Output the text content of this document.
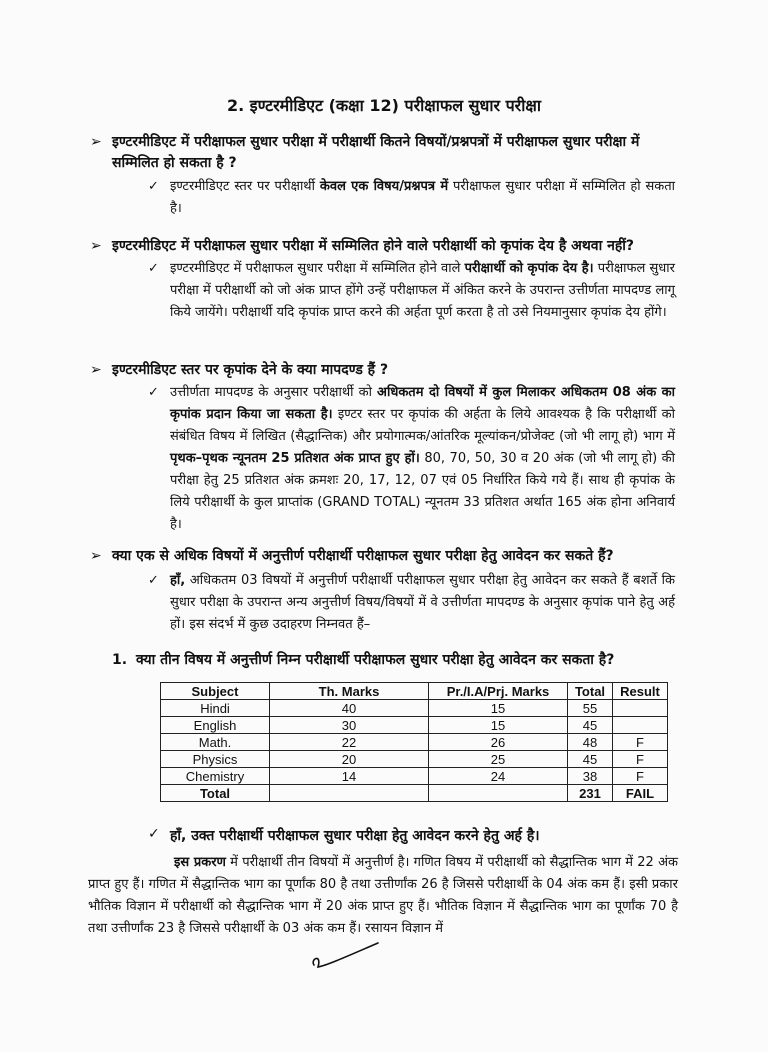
2. इण्टरमीडिएट (कक्षा 12) परीक्षाफल सुधार परीक्षा
➢ इण्टरमीडिएट में परीक्षाफल सुधार परीक्षा में परीक्षार्थी कितने विषयों/प्रश्नपत्रों में परीक्षाफल सुधार परीक्षा में सम्मिलित हो सकता है ?
✓ इण्टरमीडिएट स्तर पर परीक्षार्थी केवल एक विषय/प्रश्नपत्र में परीक्षाफल सुधार परीक्षा में सम्मिलित हो सकता है।
➢ इण्टरमीडिएट में परीक्षाफल सुधार परीक्षा में सम्मिलित होने वाले परीक्षार्थी को कृपांक देय है अथवा नहीं?
✓ इण्टरमीडिएट में परीक्षाफल सुधार परीक्षा में सम्मिलित होने वाले परीक्षार्थी को कृपांक देय है। परीक्षाफल सुधार परीक्षा में परीक्षार्थी को जो अंक प्राप्त होंगे उन्हें परीक्षाफल में अंकित करने के उपरान्त उत्तीर्णता मापदण्ड लागू किये जायेंगे। परीक्षार्थी यदि कृपांक प्राप्त करने की अर्हता पूर्ण करता है तो उसे नियमानुसार कृपांक देय होंगे।
➢ इण्टरमीडिएट स्तर पर कृपांक देने के क्या मापदण्ड हैं ?
✓ उत्तीर्णता मापदण्ड के अनुसार परीक्षार्थी को अधिकतम दो विषयों में कुल मिलाकर अधिकतम 08 अंक का कृपांक प्रदान किया जा सकता है। इण्टर स्तर पर कृपांक की अर्हता के लिये आवश्यक है कि परीक्षार्थी को संबंधित विषय में लिखित (सैद्धान्तिक) और प्रयोगात्मक/आंतरिक मूल्यांकन/प्रोजेक्ट (जो भी लागू हो) भाग में पृथक–पृथक न्यूनतम 25 प्रतिशत अंक प्राप्त हुए हों। 80, 70, 50, 30 व 20 अंक (जो भी लागू हो) की परीक्षा हेतु 25 प्रतिशत अंक क्रमशः 20, 17, 12, 07 एवं 05 निर्धारित किये गये हैं। साथ ही कृपांक के लिये परीक्षार्थी के कुल प्राप्तांक (GRAND TOTAL) न्यूनतम 33 प्रतिशत अर्थात 165 अंक होना अनिवार्य है।
➢ क्या एक से अधिक विषयों में अनुत्तीर्ण परीक्षार्थी परीक्षाफल सुधार परीक्षा हेतु आवेदन कर सकते हैं?
✓ हाँ, अधिकतम 03 विषयों में अनुत्तीर्ण परीक्षार्थी परीक्षाफल सुधार परीक्षा हेतु आवेदन कर सकते हैं बशर्ते कि सुधार परीक्षा के उपरान्त अन्य अनुत्तीर्ण विषय/विषयों में वे उत्तीर्णता मापदण्ड के अनुसार कृपांक पाने हेतु अर्ह हों। इस संदर्भ में कुछ उदाहरण निम्नवत हैं–
1. क्या तीन विषय में अनुत्तीर्ण निम्न परीक्षार्थी परीक्षाफल सुधार परीक्षा हेतु आवेदन कर सकता है?
Subject	Th. Marks	Pr./I.A/Prj. Marks	Total	Result
Hindi	40	15	55	
English	30	15	45	
Math.	22	26	48	F
Physics	20	25	45	F
Chemistry	14	24	38	F
Total			231	FAIL
✓ हाँ, उक्त परीक्षार्थी परीक्षाफल सुधार परीक्षा हेतु आवेदन करने हेतु अर्ह है।
इस प्रकरण में परीक्षार्थी तीन विषयों में अनुत्तीर्ण है। गणित विषय में परीक्षार्थी को सैद्धान्तिक भाग में 22 अंक प्राप्त हुए हैं। गणित में सैद्धान्तिक भाग का पूर्णांक 80 है तथा उत्तीर्णांक 26 है जिससे परीक्षार्थी के 04 अंक कम हैं। इसी प्रकार भौतिक विज्ञान में परीक्षार्थी को सैद्धान्तिक भाग में 20 अंक प्राप्त हुए हैं। भौतिक विज्ञान में सैद्धान्तिक भाग का पूर्णांक 70 है तथा उत्तीर्णांक 23 है जिससे परीक्षार्थी के 03 अंक कम हैं। रसायन विज्ञान में
